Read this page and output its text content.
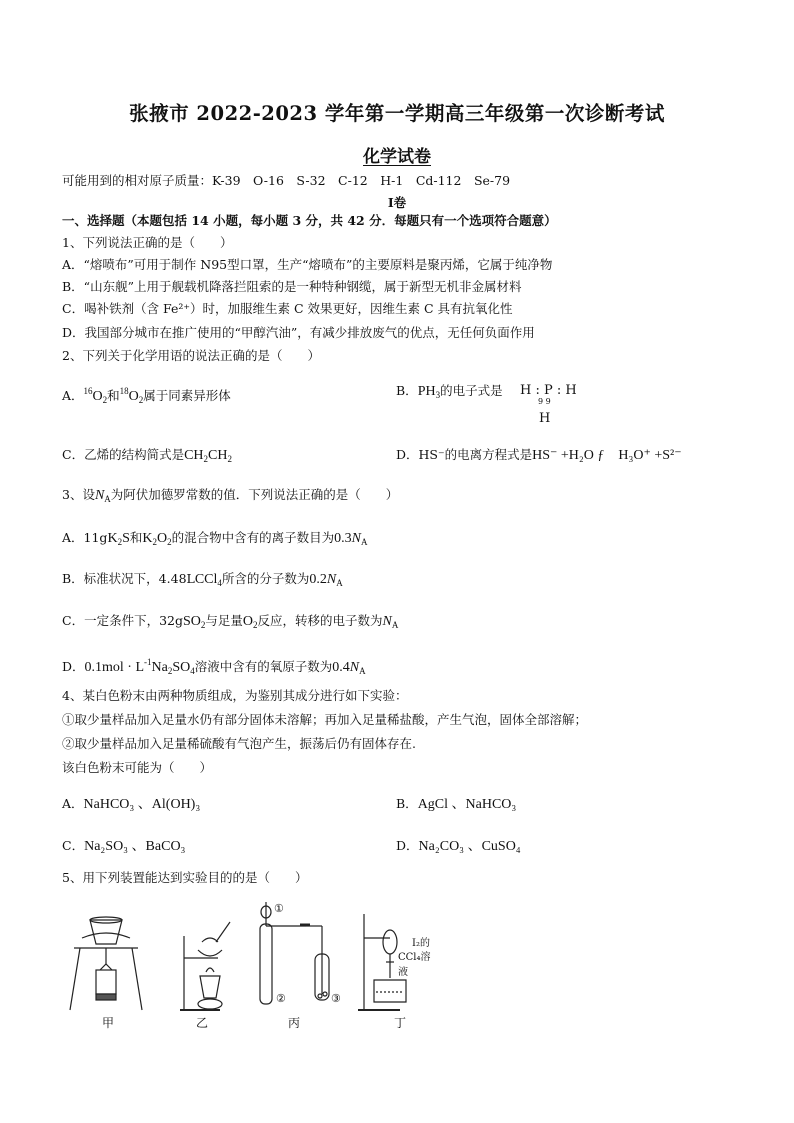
张掖市 2022-2023 学年第一学期高三年级第一次诊断考试
化学试卷
可能用到的相对原子质量：K-39　O-16　S-32　C-12　H-1　Cd-112　Se-79
Ⅰ卷
一、选择题（本题包括 14 小题，每小题 3 分，共 42 分．每题只有一个选项符合题意）
1、下列说法正确的是（　　）
A．“熔喷布”可用于制作 N95型口罩，生产“熔喷布”的主要原料是聚丙烯，它属于纯净物
B．“山东舰”上用于舰载机降落拦阻索的是一种特种钢缆，属于新型无机非金属材料
C．喝补铁剂（含 Fe²⁺）时，加服维生素 C 效果更好，因维生素 C 具有抗氧化性
D．我国部分城市在推广使用的“甲醇汽油”，有减少排放废气的优点，无任何负面作用
2、下列关于化学用语的说法正确的是（　　）
A．$^{16}O_2$和$^{18}O_2$属于同素异形体	B．$PH_3$的电子式是 H : P : H
9 9
H
C．乙烯的结构简式是$CH_2CH_2$	D．HS⁻的电离方程式是HS⁻ +H₂O ƒ　H₃O⁺ +S²⁻
3、设$N_A$为阿伏加德罗常数的值．下列说法正确的是（　　）
A．$11gK_2S$和$K_2O_2$的混合物中含有的离子数目为$0.3N_A$
B．标准状况下，4.48LCCl$_4$所含的分子数为$0.2N_A$
C．一定条件下，32gSO$_2$与足量$O_2$反应，转移的电子数为$N_A$
D．$0.1mol \cdot L^{-1}Na_2SO_4$溶液中含有的氧原子数为$0.4N_A$
4、某白色粉末由两种物质组成，为鉴别其成分进行如下实验：
①取少量样品加入足量水仍有部分固体未溶解；再加入足量稀盐酸，产生气泡，固体全部溶解；
②取少量样品加入足量稀硫酸有气泡产生，振荡后仍有固体存在.
该白色粉末可能为（　　）
A．NaHCO₃ 、Al(OH)₃	B．AgCl 、NaHCO₃
C．Na₂SO₃ 、BaCO₃	D．Na₂CO₃ 、CuSO₄
5、用下列装置能达到实验目的的是（　　）
甲	乙	丙	丁
①
②	③
I₂的
CCl₄溶液
